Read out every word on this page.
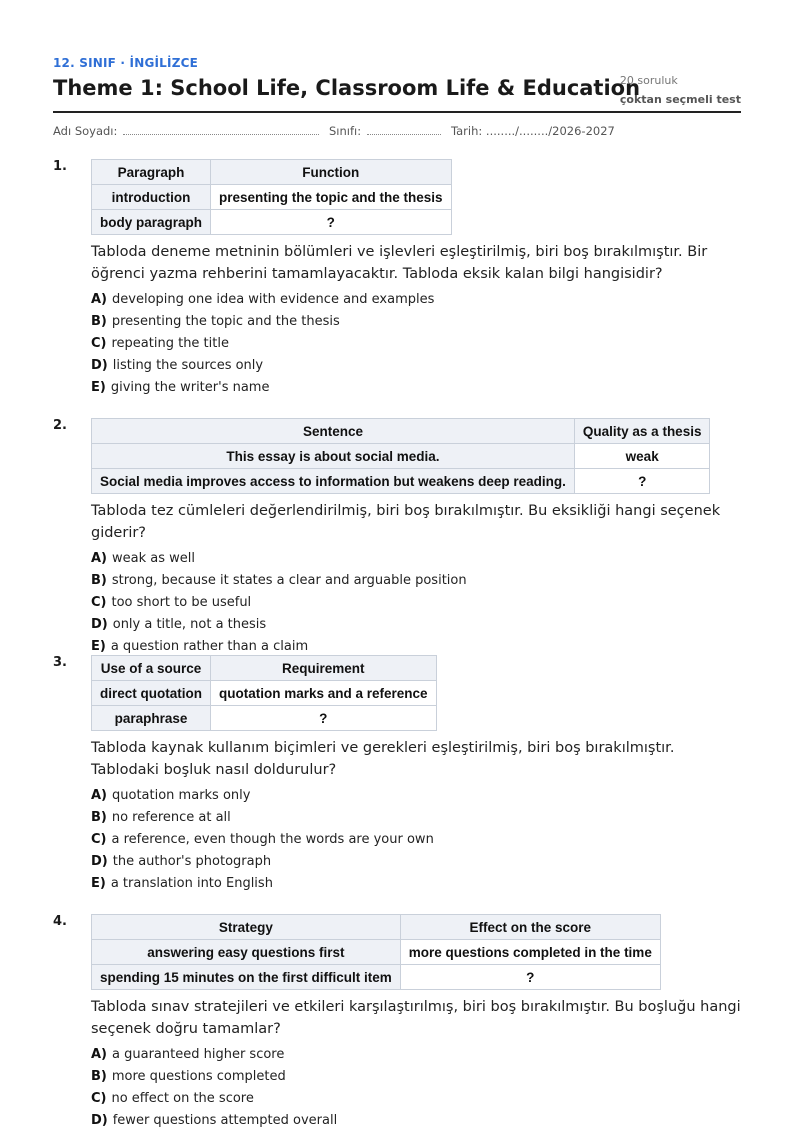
12. SINIF · İNGİLİZCE
Theme 1: School Life, Classroom Life & Education
20 soruluk
çoktan seçmeli test
Adı Soyadı:	Sınıfı:	Tarih: ......../......../2026-2027
1.	Paragraph	Function
introduction	presenting the topic and the thesis
body paragraph	?
Tabloda deneme metninin bölümleri ve işlevleri eşleştirilmiş, biri boş bırakılmıştır. Bir öğrenci yazma rehberini tamamlayacaktır. Tabloda eksik kalan bilgi hangisidir?
A) developing one idea with evidence and examples
B) presenting the topic and the thesis
C) repeating the title
D) listing the sources only
E) giving the writer's name
2.	Sentence	Quality as a thesis
This essay is about social media.	weak
Social media improves access to information but weakens deep reading.	?
Tabloda tez cümleleri değerlendirilmiş, biri boş bırakılmıştır. Bu eksikliği hangi seçenek giderir?
A) weak as well
B) strong, because it states a clear and arguable position
C) too short to be useful
D) only a title, not a thesis
E) a question rather than a claim
3. Use of a source	Requirement
direct quotation	quotation marks and a reference
paraphrase	?
Tabloda kaynak kullanım biçimleri ve gerekleri eşleştirilmiş, biri boş bırakılmıştır. Tablodaki boşluk nasıl doldurulur?
A) quotation marks only
B) no reference at all
C) a reference, even though the words are your own
D) the author's photograph
E) a translation into English
4.	Strategy	Effect on the score
answering easy questions first	more questions completed in the time
spending 15 minutes on the first difficult item	?
Tabloda sınav stratejileri ve etkileri karşılaştırılmış, biri boş bırakılmıştır. Bu boşluğu hangi seçenek doğru tamamlar?
A) a guaranteed higher score
B) more questions completed
C) no effect on the score
D) fewer questions attempted overall
